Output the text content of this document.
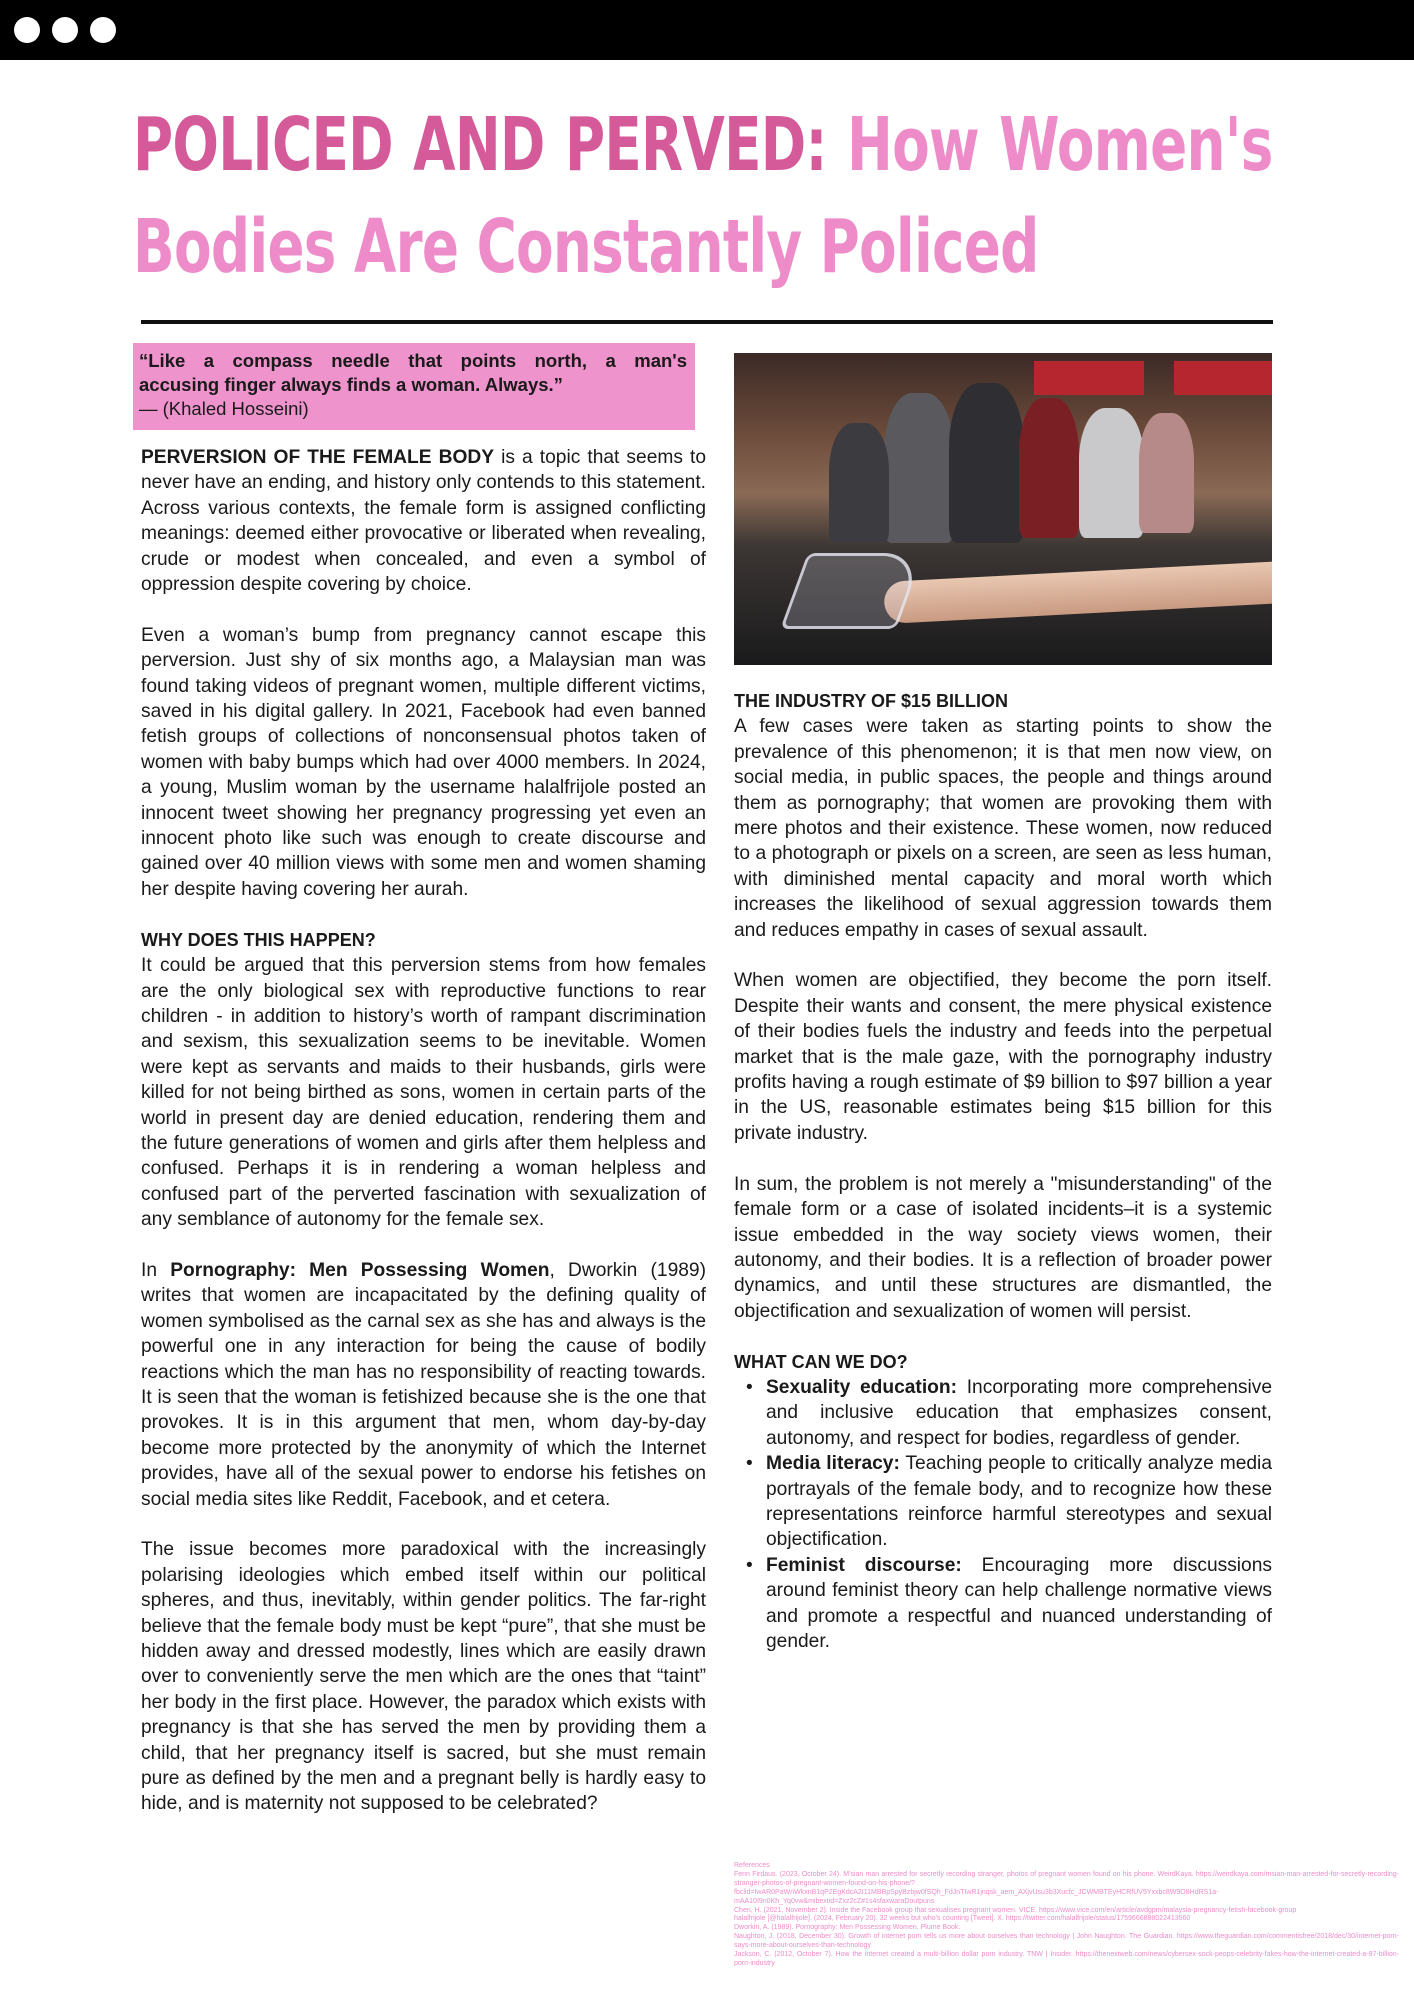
POLICED AND PERVED: How Women's Bodies Are Constantly Policed
“Like a compass needle that points north, a man's
accusing finger always finds a woman. Always.”
— (Khaled Hosseini)

PERVERSION OF THE FEMALE BODY is a topic that seems to never have an ending, and history only contends to this statement. Across various contexts, the female form is assigned conflicting meanings: deemed either provocative or liberated when revealing, crude or modest when concealed, and even a symbol of oppression despite covering by choice.

Even a woman’s bump from pregnancy cannot escape this perversion. Just shy of six months ago, a Malaysian man was found taking videos of pregnant women, multiple different victims, saved in his digital gallery. In 2021, Facebook had even banned fetish groups of collections of nonconsensual photos taken of women with baby bumps which had over 4000 members. In 2024, a young, Muslim woman by the username halalfrijole posted an innocent tweet showing her pregnancy progressing yet even an innocent photo like such was enough to create discourse and gained over 40 million views with some men and women shaming her despite having covering her aurah.

WHY DOES THIS HAPPEN?

It could be argued that this perversion stems from how females are the only biological sex with reproductive functions to rear children - in addition to history’s worth of rampant discrimination and sexism, this sexualization seems to be inevitable. Women were kept as servants and maids to their husbands, girls were killed for not being birthed as sons, women in certain parts of the world in present day are denied education, rendering them and the future generations of women and girls after them helpless and confused. Perhaps it is in rendering a woman helpless and confused part of the perverted fascination with sexualization of any semblance of autonomy for the female sex.

In Pornography: Men Possessing Women, Dworkin (1989) writes that women are incapacitated by the defining quality of women symbolised as the carnal sex as she has and always is the powerful one in any interaction for being the cause of bodily reactions which the man has no responsibility of reacting towards. It is seen that the woman is fetishized because she is the one that provokes. It is in this argument that men, whom day-by-day become more protected by the anonymity of which the Internet provides, have all of the sexual power to endorse his fetishes on social media sites like Reddit, Facebook, and et cetera.

The issue becomes more paradoxical with the increasingly polarising ideologies which embed itself within our political spheres, and thus, inevitably, within gender politics. The far-right believe that the female body must be kept “pure”, that she must be hidden away and dressed modestly, lines which are easily drawn over to conveniently serve the men which are the ones that “taint” her body in the first place. However, the paradox which exists with pregnancy is that she has served the men by providing them a child, that her pregnancy itself is sacred, but she must remain pure as defined by the men and a pregnant belly is hardly easy to hide, and is maternity not supposed to be celebrated?

THE INDUSTRY OF $15 BILLION

A few cases were taken as starting points to show the prevalence of this phenomenon; it is that men now view, on social media, in public spaces, the people and things around them as pornography; that women are provoking them with mere photos and their existence. These women, now reduced to a photograph or pixels on a screen, are seen as less human, with diminished mental capacity and moral worth which increases the likelihood of sexual aggression towards them and reduces empathy in cases of sexual assault.

When women are objectified, they become the porn itself. Despite their wants and consent, the mere physical existence of their bodies fuels the industry and feeds into the perpetual market that is the male gaze, with the pornography industry profits having a rough estimate of $9 billion to $97 billion a year in the US, reasonable estimates being $15 billion for this private industry.

In sum, the problem is not merely a "misunderstanding" of the female form or a case of isolated incidents–it is a systemic issue embedded in the way society views women, their autonomy, and their bodies. It is a reflection of broader power dynamics, and until these structures are dismantled, the objectification and sexualization of women will persist.

WHAT CAN WE DO?
• Sexuality education: Incorporating more comprehensive and inclusive education that emphasizes consent, autonomy, and respect for bodies, regardless of gender.
• Media literacy: Teaching people to critically analyze media portrayals of the female body, and to recognize how these representations reinforce harmful stereotypes and sexual objectification.
• Feminist discourse: Encouraging more discussions around feminist theory can help challenge normative views and promote a respectful and nuanced understanding of gender.
References
Fenn Firdaus. (2023, October 24). M'sian man arrested for secretly recording stranger, photos of pregnant women found on his phone. WeirdKaya. https://weirdkaya.com/msian-man-arrested-for-secretly-recording-stranger-photos-of-pregnant-women-found-on-his-phone/?fbclid=IwAR0PaWnWkxnB1qP2EgKdcA2I11MBBpSpyBzbjw0fSQh_FdJnTIwR1jnqsk_aem_AXjvUsu3b3Xucfc_JCWMBTEyHCRfUV5Yxxbc8W9O8HdRS1a-mAA10I9n0Kh_Yq0vw&mibextid=Zxz2cZ#1s4sfaxwaraDoutpuns
Chen, H. (2021, November 2). Inside the Facebook group that sexualises pregnant women. VICE. https://www.vice.com/en/article/avdgpm/malaysia-pregnancy-fetish-facebook-group
halalfrijole [@halalfrijole]. (2024, February 20). 32 weeks but who's counting [Tweet]. X. https://twitter.com/halalfrijole/status/1759666888022413560
Dworkin, A. (1989). Pornography: Men Possessing Women. Plume Book.
Naughton, J. (2018, December 30). Growth of internet porn tells us more about ourselves than technology | John Naughton. The Guardian. https://www.theguardian.com/commentisfree/2018/dec/30/internet-porn-says-more-about-ourselves-than-technology
Jackson, C. (2012, October 7). How the internet created a multi-billion dollar porn industry. TNW | Insider. https://thenextweb.com/news/cybersex-sock-peops-celebrity-fakes-how-the-internet-created-a-97-billion-porn-industry
